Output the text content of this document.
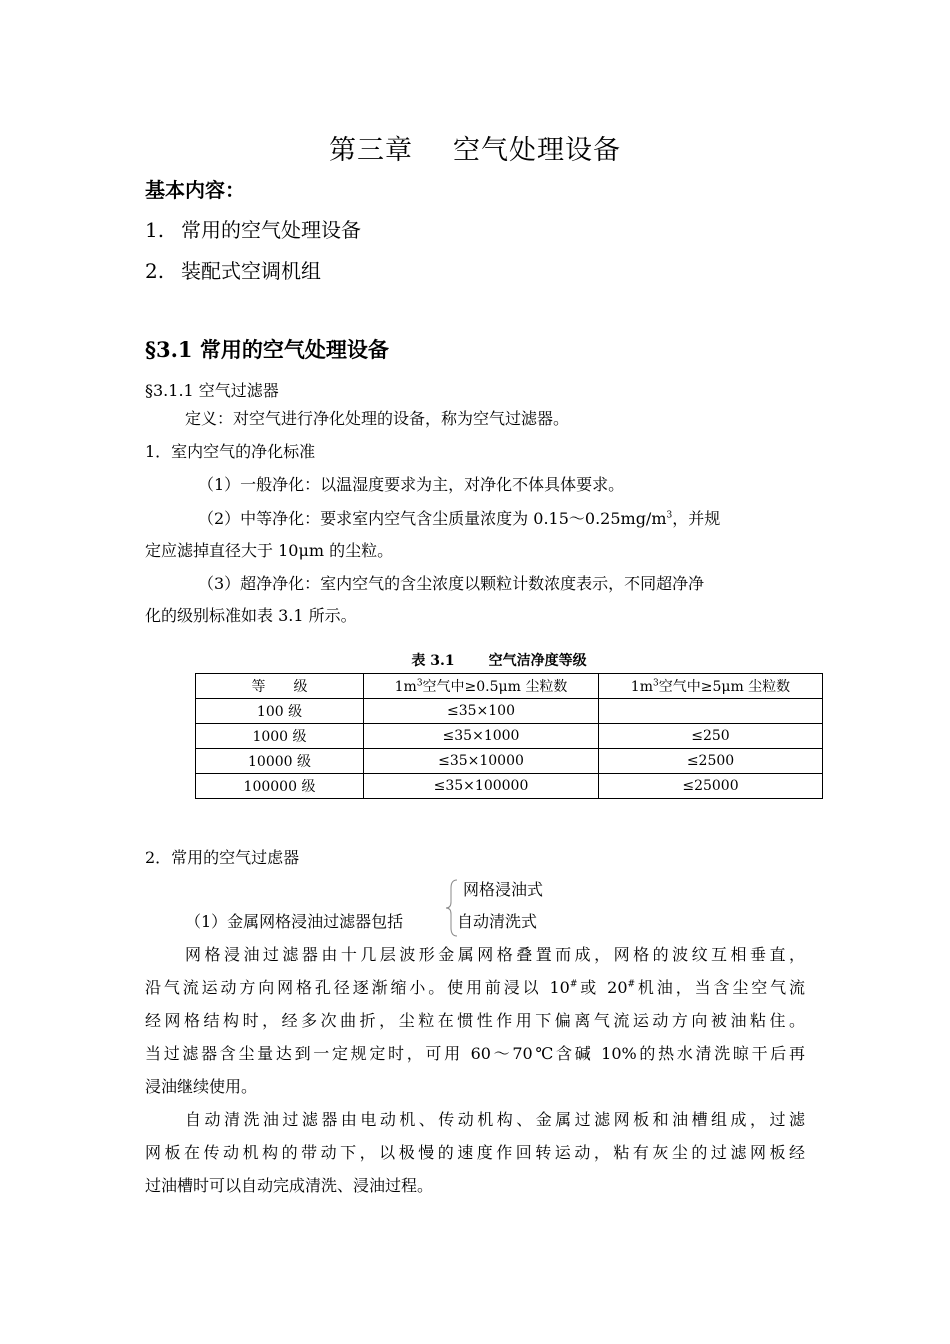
第三章 空气处理设备
基本内容：
1. 常用的空气处理设备
2. 装配式空调机组
§3.1 常用的空气处理设备
§3.1.1 空气过滤器
定义：对空气进行净化处理的设备，称为空气过滤器。
1．室内空气的净化标准
（1）一般净化：以温湿度要求为主，对净化不体具体要求。
（2）中等净化：要求室内空气含尘质量浓度为 $0.15\sim 0.25mg/m^3$，并规
定应滤掉直径大于 10μm 的尘粒。
（3）超净净化：室内空气的含尘浓度以颗粒计数浓度表示，不同超净净
化的级别标准如表 3.1 所示。
表 3.1 空气洁净度等级
等　　级	$1m^3$空气中≥0.5μm 尘粒数	$1m^3$空气中≥5μm 尘粒数
100 级	≤35×100	
1000 级	≤35×1000	≤250
10000 级	≤35×10000	≤2500
100000 级	≤35×100000	≤25000
2．常用的空气过虑器
网格浸油式
（1）金属网格浸油过滤器包括	自动清洗式
网格浸油过滤器由十几层波形金属网格叠置而成，网格的波纹互相垂直，
沿气流运动方向网格孔径逐渐缩小。使用前浸以 10#或 20#机油，当含尘空气流
经网格结构时，经多次曲折，尘粒在惯性作用下偏离气流运动方向被油粘住。
当过滤器含尘量达到一定规定时，可用 60～70℃含碱 10%的热水清洗晾干后再
浸油继续使用。
自动清洗油过滤器由电动机、传动机构、金属过滤网板和油槽组成，过滤
网板在传动机构的带动下，以极慢的速度作回转运动，粘有灰尘的过滤网板经
过油槽时可以自动完成清洗、浸油过程。
